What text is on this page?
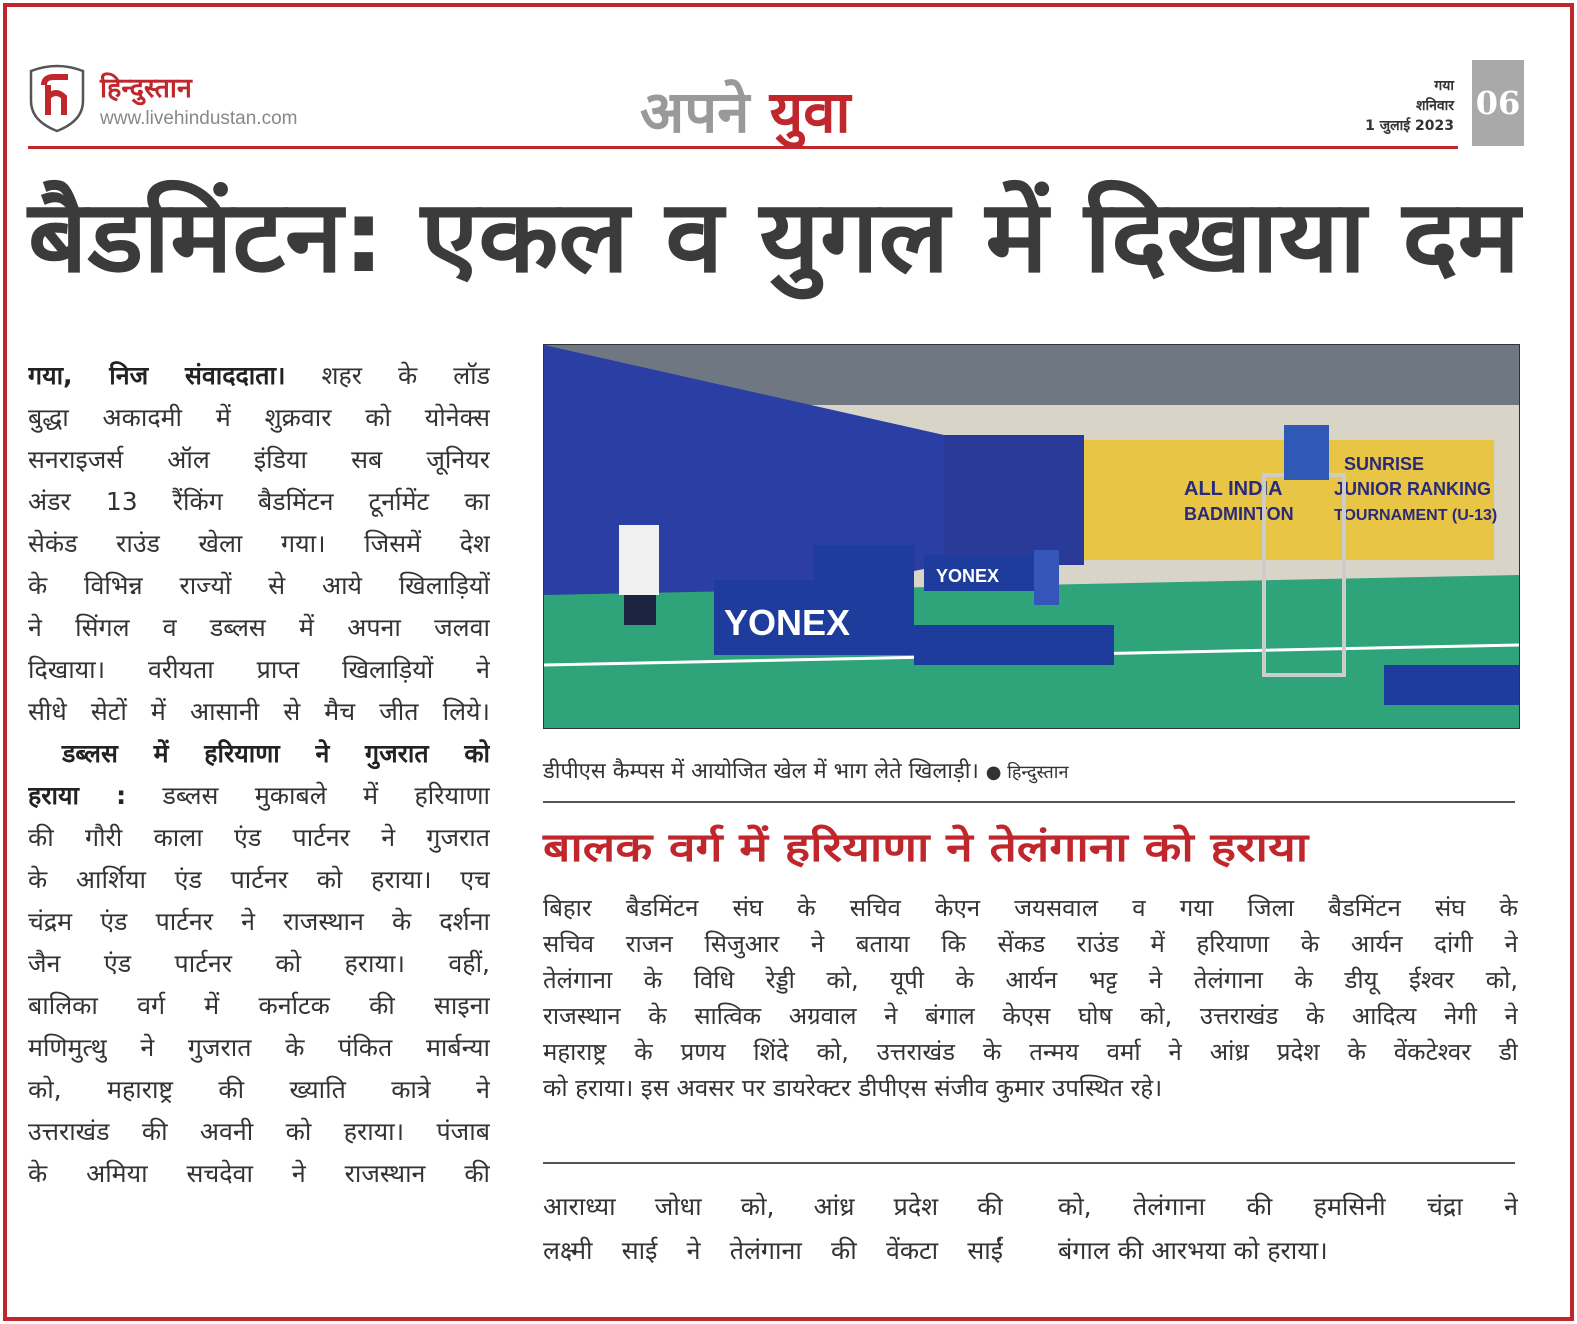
हिन्दुस्तान
www.livehindustan.com	अपने युवा	गया
शनिवार
1 जुलाई 2023
06
बैडमिंटन: एकल व युगल में दिखाया दम
गया, निज संवाददाता। शहर के लॉड
बुद्धा अकादमी में शुक्रवार को योनेक्स
सनराइजर्स ऑल इंडिया सब जूनियर
अंडर 13 रैंकिंग बैडमिंटन टूर्नामेंट का
सेकंड राउंड खेला गया। जिसमें देश
के विभिन्न राज्यों से आये खिलाड़ियों
ने सिंगल व डब्लस में अपना जलवा
दिखाया। वरीयता प्राप्त खिलाड़ियों ने
सीधे सेटों में आसानी से मैच जीत लिये।
डब्लस में हरियाणा ने गुजरात को
हराया : डब्लस मुकाबले में हरियाणा
की गौरी काला एंड पार्टनर ने गुजरात
के आर्शिया एंड पार्टनर को हराया। एच
चंद्रम एंड पार्टनर ने राजस्थान के दर्शना
जैन एंड पार्टनर को हराया। वहीं,
बालिका वर्ग में कर्नाटक की साइना
मणिमुत्थु ने गुजरात के पंकित मार्बन्या
को, महाराष्ट्र की ख्याति कात्रे ने
उत्तराखंड की अवनी को हराया। पंजाब
के अमिया सचदेवा ने राजस्थान की
ALL INDIA
BADMINTON
SUNRISE
JUNIOR RANKING
TOURNAMENT (U-13)
YONEX
YONEX
डीपीएस कैम्पस में आयोजित खेल में भाग लेते खिलाड़ी। ● हिन्दुस्तान
बालक वर्ग में हरियाणा ने तेलंगाना को हराया
बिहार बैडमिंटन संघ के सचिव केएन जयसवाल व गया जिला बैडमिंटन संघ के
सचिव राजन सिजुआर ने बताया कि सेंकड राउंड में हरियाणा के आर्यन दांगी ने
तेलंगाना के विधि रेड्डी को, यूपी के आर्यन भट्ट ने तेलंगाना के डीयू ईश्वर को,
राजस्थान के सात्विक अग्रवाल ने बंगाल केएस घोष को, उत्तराखंड के आदित्य नेगी ने
महाराष्ट्र के प्रणय शिंदे को, उत्तराखंड के तन्मय वर्मा ने आंध्र प्रदेश के वेंकटेश्वर डी
को हराया। इस अवसर पर डायरेक्टर डीपीएस संजीव कुमार उपस्थित रहे।
आराध्या जोधा को, आंध्र प्रदेश की
लक्ष्मी साई ने तेलंगाना की वेंकटा साईं
को, तेलंगाना की हमसिनी चंद्रा ने
बंगाल की आरभया को हराया।
